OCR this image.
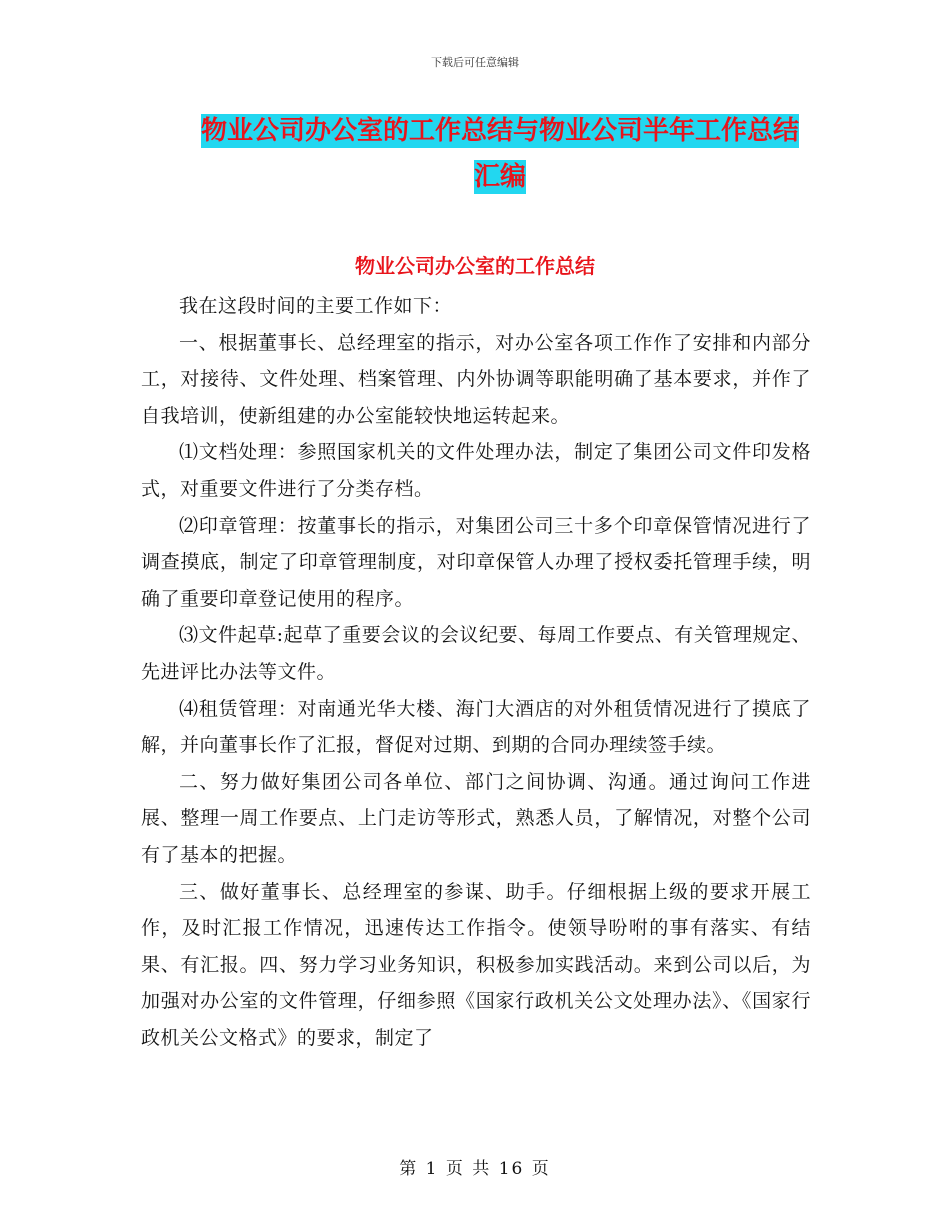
下载后可任意编辑
物业公司办公室的工作总结与物业公司半年工作总结
汇编
物业公司办公室的工作总结

我在这段时间的主要工作如下：

一、根据董事长、总经理室的指示，对办公室各项工作作了安排和内部分工，对接待、文件处理、档案管理、内外协调等职能明确了基本要求，并作了自我培训，使新组建的办公室能较快地运转起来。

⑴文档处理：参照国家机关的文件处理办法，制定了集团公司文件印发格式，对重要文件进行了分类存档。

⑵印章管理：按董事长的指示，对集团公司三十多个印章保管情况进行了调查摸底，制定了印章管理制度，对印章保管人办理了授权委托管理手续，明确了重要印章登记使用的程序。

⑶文件起草:起草了重要会议的会议纪要、每周工作要点、有关管理规定、先进评比办法等文件。

⑷租赁管理：对南通光华大楼、海门大酒店的对外租赁情况进行了摸底了解，并向董事长作了汇报，督促对过期、到期的合同办理续签手续。

二、努力做好集团公司各单位、部门之间协调、沟通。通过询问工作进展、整理一周工作要点、上门走访等形式，熟悉人员，了解情况，对整个公司有了基本的把握。

三、做好董事长、总经理室的参谋、助手。仔细根据上级的要求开展工作，及时汇报工作情况，迅速传达工作指令。使领导吩咐的事有落实、有结果、有汇报。四、努力学习业务知识，积极参加实践活动。来到公司以后，为加强对办公室的文件管理，仔细参照《国家行政机关公文处理办法》、《国家行政机关公文格式》的要求，制定了

第 1 页 共 16 页
